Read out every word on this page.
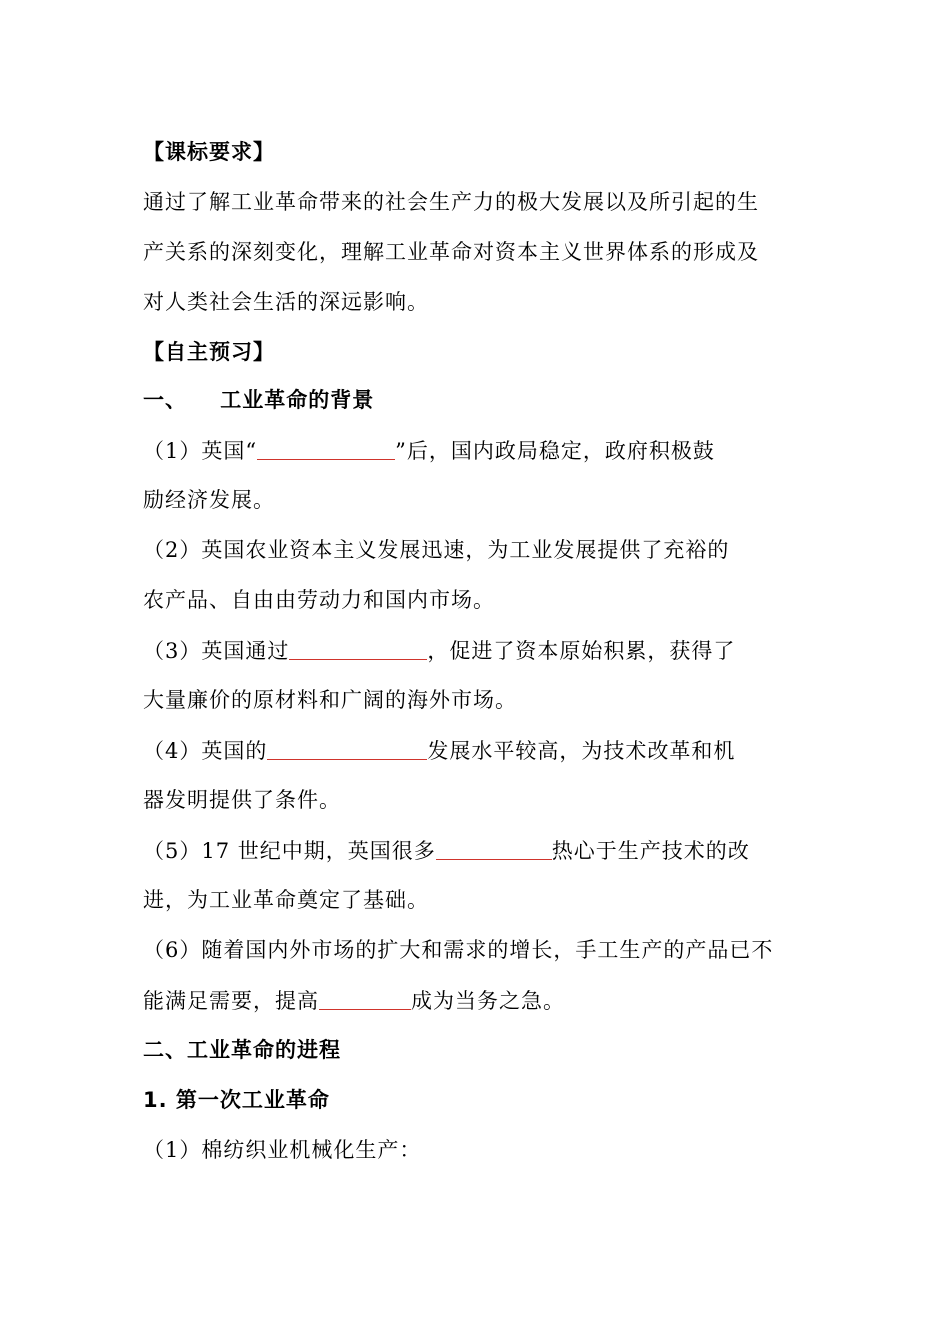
【课标要求】
通过了解工业革命带来的社会生产力的极大发展以及所引起的生
产关系的深刻变化，理解工业革命对资本主义世界体系的形成及
对人类社会生活的深远影响。
【自主预习】
一、    工业革命的背景
（1）英国“	”后，国内政局稳定，政府积极鼓
励经济发展。
（2）英国农业资本主义发展迅速，为工业发展提供了充裕的
农产品、自由由劳动力和国内市场。
（3）英国通过	，促进了资本原始积累，获得了
大量廉价的原材料和广阔的海外市场。
（4）英国的	发展水平较高，为技术改革和机
器发明提供了条件。
（5）17 世纪中期，英国很多	热心于生产技术的改
进，为工业革命奠定了基础。
（6）随着国内外市场的扩大和需求的增长，手工生产的产品已不
能满足需要，提高	成为当务之急。
二、工业革命的进程
1. 第一次工业革命
（1）棉纺织业机械化生产：
